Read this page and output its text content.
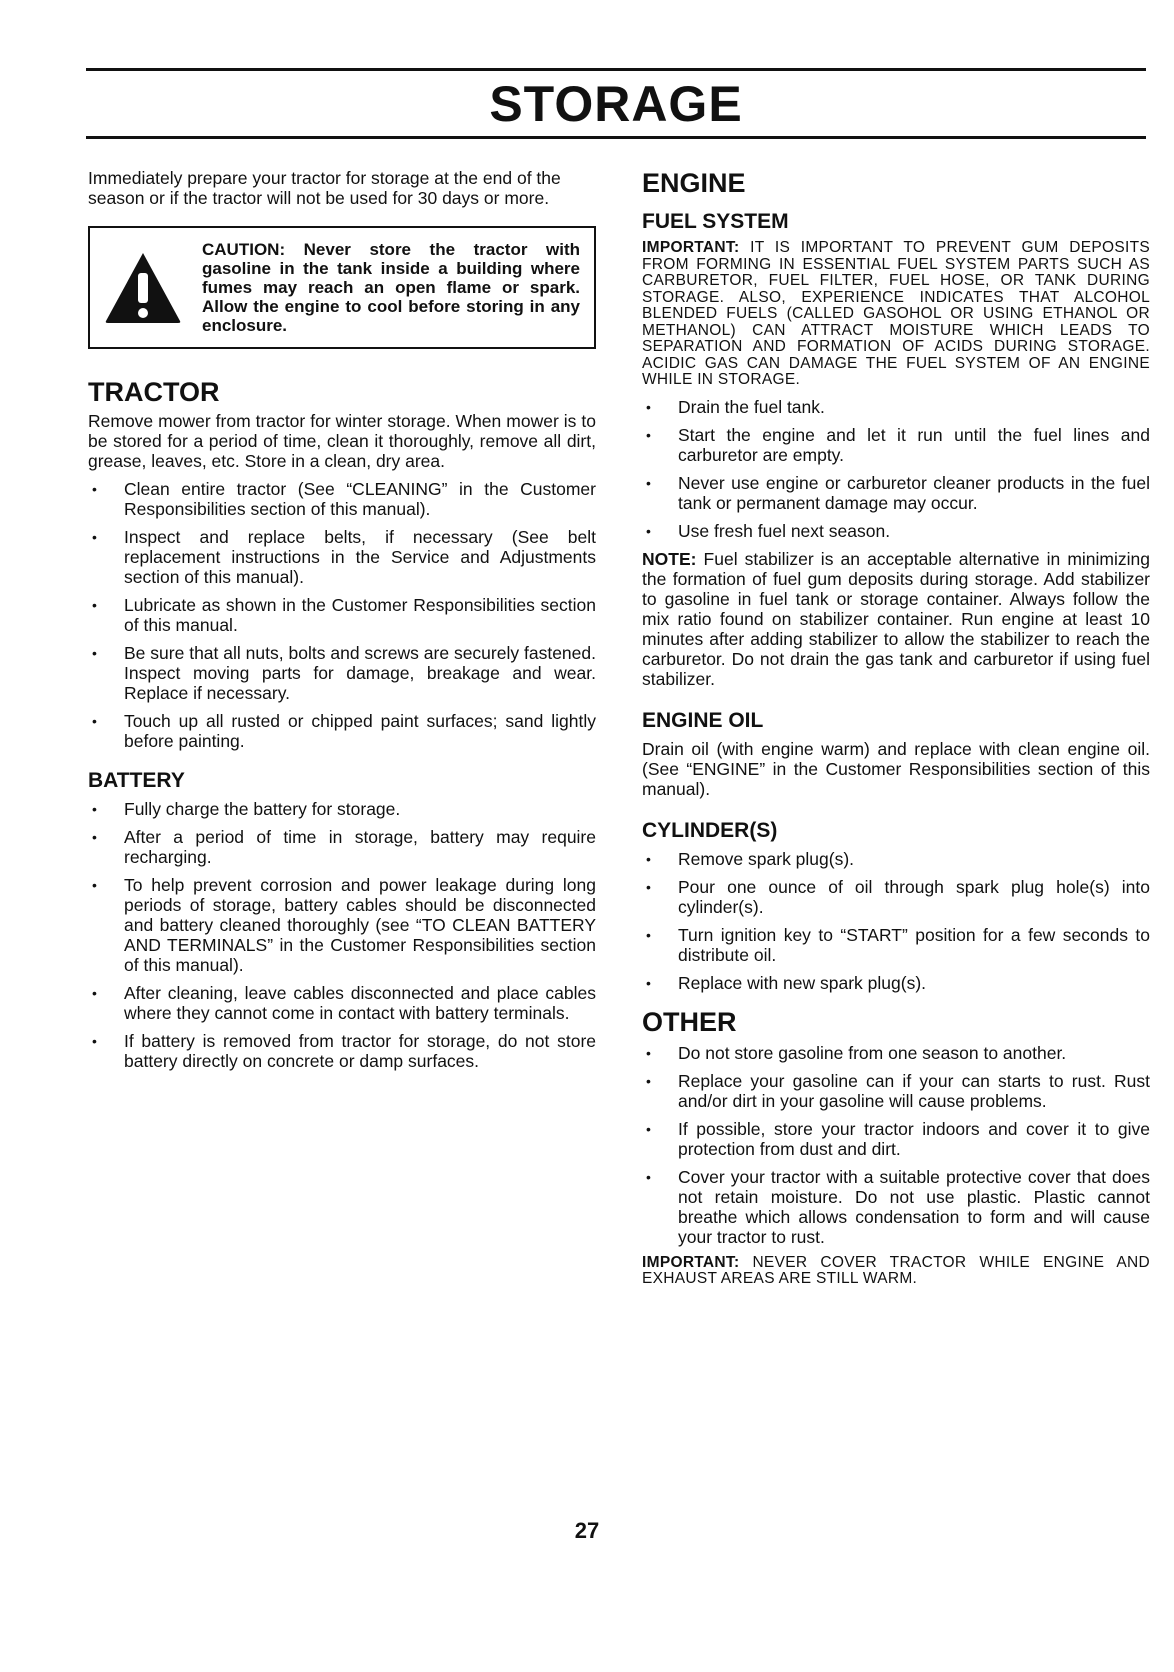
STORAGE

Immediately prepare your tractor for storage at the end of the season or if the tractor will not be used for 30 days or more.

CAUTION: Never store the tractor with gasoline in the tank inside a building where fumes may reach an open flame or spark. Allow the engine to cool before storing in any enclosure.
TRACTOR

Remove mower from tractor for winter storage. When mower is to be stored for a period of time, clean it thoroughly, remove all dirt, grease, leaves, etc. Store in a clean, dry area.

• Clean entire tractor (See “CLEANING” in the Customer Responsibilities section of this manual).
• Inspect and replace belts, if necessary (See belt replacement instructions in the Service and Adjustments section of this manual).
• Lubricate as shown in the Customer Responsibilities section of this manual.
• Be sure that all nuts, bolts and screws are securely fastened. Inspect moving parts for damage, breakage and wear. Replace if necessary.
• Touch up all rusted or chipped paint surfaces; sand lightly before painting.
BATTERY
• Fully charge the battery for storage.
• After a period of time in storage, battery may require recharging.
• To help prevent corrosion and power leakage during long periods of storage, battery cables should be disconnected and battery cleaned thoroughly (see “TO CLEAN BATTERY AND TERMINALS” in the Customer Responsibilities section of this manual).
• After cleaning, leave cables disconnected and place cables where they cannot come in contact with battery terminals.
• If battery is removed from tractor for storage, do not store battery directly on concrete or damp surfaces.
ENGINE
FUEL SYSTEM

IMPORTANT: IT IS IMPORTANT TO PREVENT GUM DEPOSITS FROM FORMING IN ESSENTIAL FUEL SYSTEM PARTS SUCH AS CARBURETOR, FUEL FILTER, FUEL HOSE, OR TANK DURING STORAGE. ALSO, EXPERIENCE INDICATES THAT ALCOHOL BLENDED FUELS (CALLED GASOHOL OR USING ETHANOL OR METHANOL) CAN ATTRACT MOISTURE WHICH LEADS TO SEPARATION AND FORMATION OF ACIDS DURING STORAGE. ACIDIC GAS CAN DAMAGE THE FUEL SYSTEM OF AN ENGINE WHILE IN STORAGE.

• Drain the fuel tank.
• Start the engine and let it run until the fuel lines and carburetor are empty.
• Never use engine or carburetor cleaner products in the fuel tank or permanent damage may occur.
• Use fresh fuel next season.

NOTE: Fuel stabilizer is an acceptable alternative in minimizing the formation of fuel gum deposits during storage. Add stabilizer to gasoline in fuel tank or storage container. Always follow the mix ratio found on stabilizer container. Run engine at least 10 minutes after adding stabilizer to allow the stabilizer to reach the carburetor. Do not drain the gas tank and carburetor if using fuel stabilizer.

ENGINE OIL

Drain oil (with engine warm) and replace with clean engine oil. (See “ENGINE” in the Customer Responsibilities section of this manual).

CYLINDER(S)
• Remove spark plug(s).
• Pour one ounce of oil through spark plug hole(s) into cylinder(s).
• Turn ignition key to “START” position for a few seconds to distribute oil.
• Replace with new spark plug(s).
OTHER
• Do not store gasoline from one season to another.
• Replace your gasoline can if your can starts to rust. Rust and/or dirt in your gasoline will cause problems.
• If possible, store your tractor indoors and cover it to give protection from dust and dirt.
• Cover your tractor with a suitable protective cover that does not retain moisture. Do not use plastic. Plastic cannot breathe which allows condensation to form and will cause your tractor to rust.

IMPORTANT: NEVER COVER TRACTOR WHILE ENGINE AND EXHAUST AREAS ARE STILL WARM.

27
